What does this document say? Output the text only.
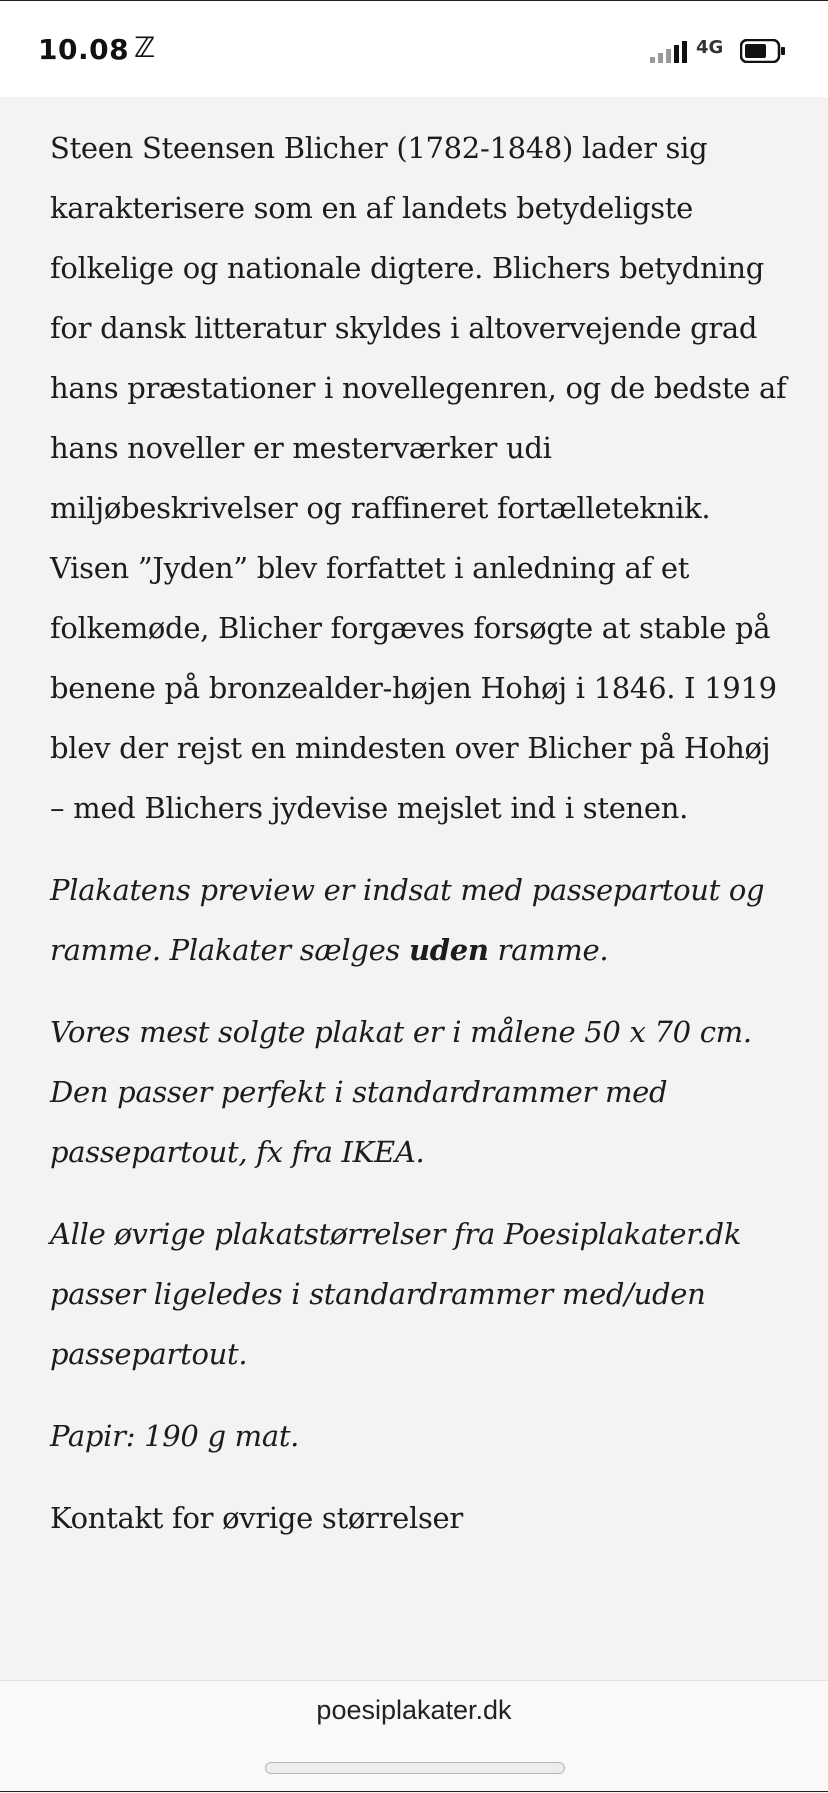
10.08 ℤ	4G

Steen Steensen Blicher (1782-1848) lader sig karakterisere som en af landets betydeligste folkelige og nationale digtere. Blichers betydning for dansk litteratur skyldes i altovervejende grad hans præstationer i novellegenren, og de bedste af hans noveller er mesterværker udi miljøbeskrivelser og raffineret fortælleteknik. Visen ”Jyden” blev forfattet i anledning af et folkemøde, Blicher forgæves forsøgte at stable på benene på bronzealder-højen Hohøj i 1846. I 1919 blev der rejst en mindesten over Blicher på Hohøj – med Blichers jydevise mejslet ind i stenen.

Plakatens preview er indsat med passepartout og ramme. Plakater sælges uden ramme.

Vores mest solgte plakat er i målene 50 x 70 cm. Den passer perfekt i standardrammer med passepartout, fx fra IKEA.

Alle øvrige plakatstørrelser fra Poesiplakater.dk passer ligeledes i standardrammer med/uden passepartout.

Papir: 190 g mat.

Kontakt for øvrige størrelser

poesiplakater.dk
